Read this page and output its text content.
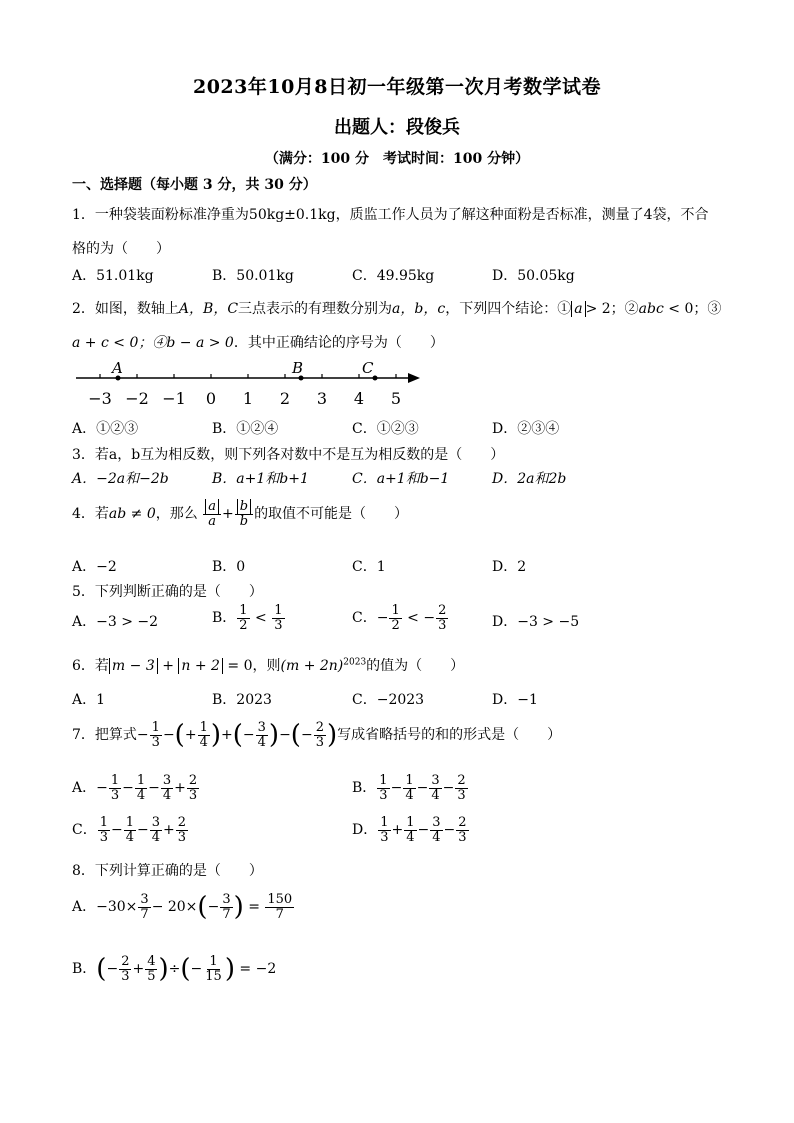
2023年10月8日初一年级第一次月考数学试卷
出题人：段俊兵
（满分：100 分　考试时间：100 分钟）
一、选择题（每小题 3 分，共 30 分）
1．一种袋装面粉标准净重为50kg±0.1kg，质监工作人员为了解这种面粉是否标准，测量了4袋，不合
格的为（　　）
A．51.01kg	B．50.01kg	C．49.95kg	D．50.05kg
2．如图，数轴上A，B，C三点表示的有理数分别为a，b，c，下列四个结论：① a > 2；②abc < 0；③
a + c < 0；④b − a > 0．其中正确结论的序号为（　　）
−3 −2 −1 0 1 2 3 4 5
A	B	C
A．①②③	B．①②④	C．①②③	D．②③④
3．若a，b互为相反数，则下列各对数中不是互为相反数的是（　　）
A．−2a和−2b	B．a+1和b+1	C．a+1和b−1	D．2a和2b
4．若ab ≠ 0，那么 $\frac{a}{a} + \frac{b}{b}$ 的取值不可能是（　　）
A．−2	B．0	C．1	D．2
5．下列判断正确的是（　　）
A．−3 > −2	B． $\frac{1}{2} < \frac{1}{3}$	C．− $\frac{1}{2}$ < − $\frac{2}{3}$	D．−3 > −5
6．若 m − 3 + n + 2 = 0，则$(m + 2n)^{2023}$的值为（　　）
A．1	B．2023	C．−2023	D．−1
7．把算式− $\frac{1}{3}$ −(+ $\frac{1}{4}$ )+(− $\frac{3}{4}$ )−(− $\frac{2}{3}$ )写成省略括号的和的形式是（　　）
A．− $\frac{1}{3} - \frac{1}{4} - \frac{3}{4} + \frac{2}{3}$	B． $\frac{1}{3} - \frac{1}{4} - \frac{3}{4} - \frac{2}{3}$
C． $\frac{1}{3} - \frac{1}{4} - \frac{3}{4} + \frac{2}{3}$	D． $\frac{1}{3} + \frac{1}{4} - \frac{3}{4} - \frac{2}{3}$
8．下列计算正确的是（　　）
A．$-30\times \frac{3}{7} - 20\times(- \frac{3}{7}$ ) = $\frac{150}{7}$
B．(− $\frac{2}{3} + \frac{4}{5}$ )÷(− $\frac{1}{15}$ ) = −2
